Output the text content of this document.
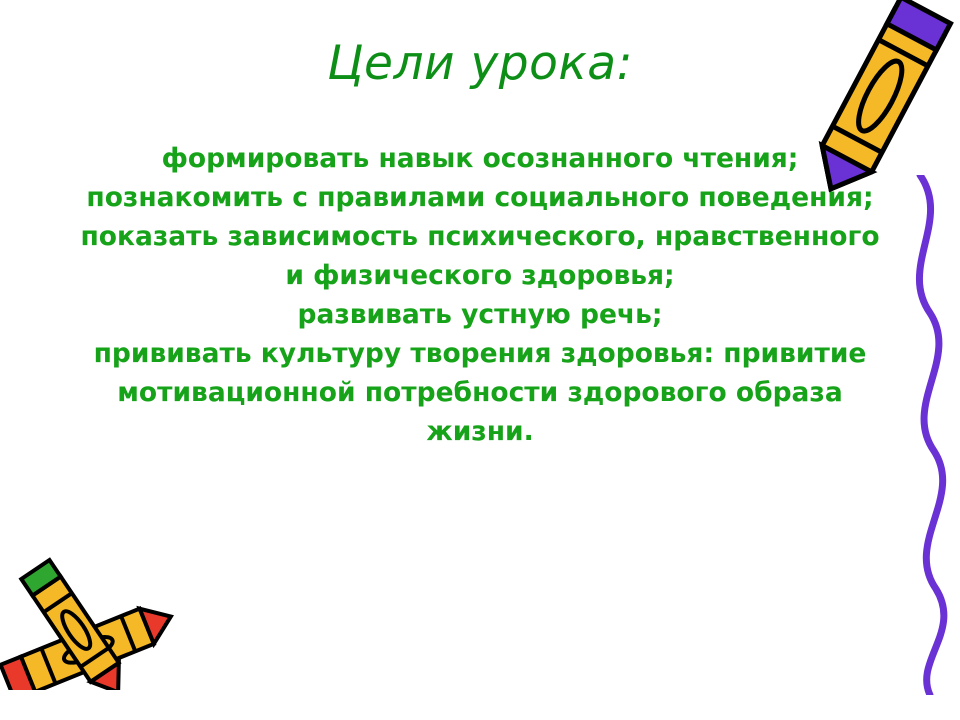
Цели урока:
формировать навык осознанного чтения;
познакомить с правилами социального поведения;
показать зависимость психического, нравственного
и физического здоровья;
развивать устную речь;
прививать культуру творения здоровья: привитие
мотивационной потребности здорового образа
жизни.
